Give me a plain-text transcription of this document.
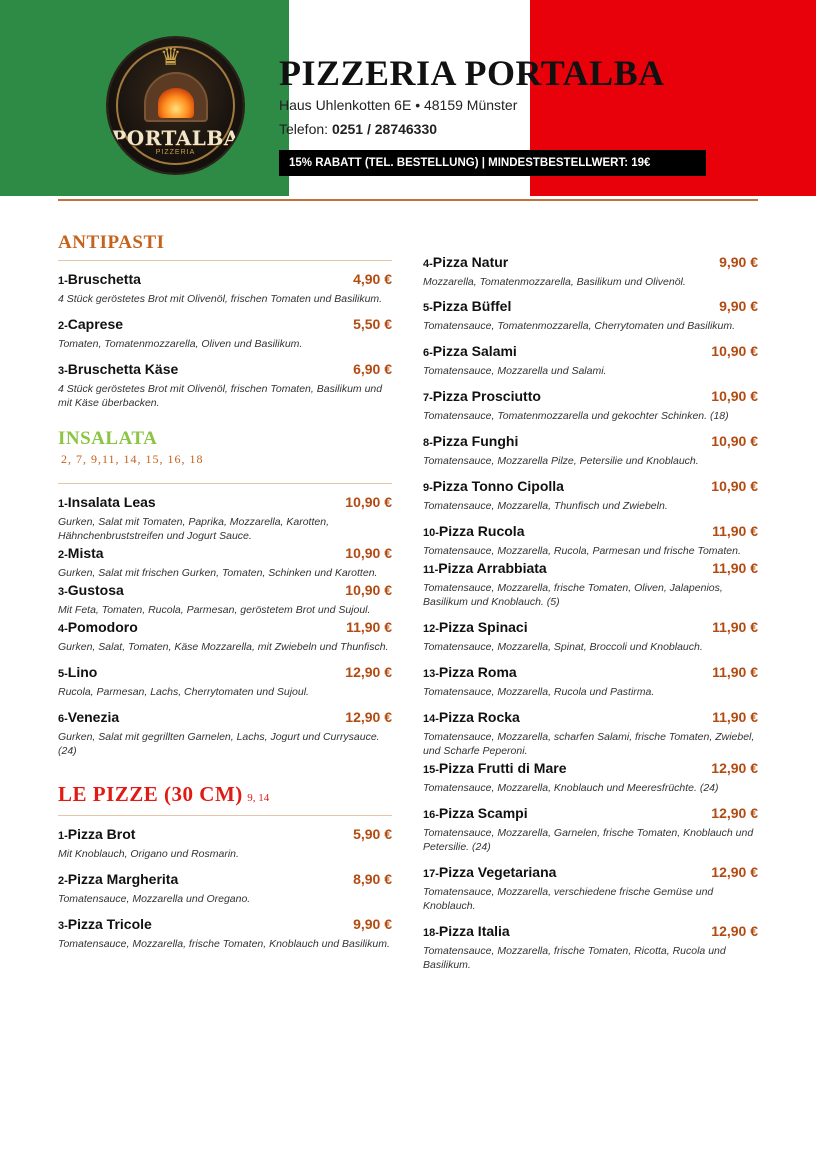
♛
PORTALBA
PIZZERIA
PIZZERIA PORTALBA
Haus Uhlenkotten 6E • 48159 Münster
Telefon: 0251 / 28746330
15% RABATT (TEL. BESTELLUNG) | MINDESTBESTELLWERT: 19€
ANTIPASTI
1-Bruschetta	4,90 €
4 Stück geröstetes Brot mit Olivenöl, frischen Tomaten und Basilikum.
2-Caprese	5,50 €
Tomaten, Tomatenmozzarella, Oliven und Basilikum.
3-Bruschetta Käse	6,90 €
4 Stück geröstetes Brot mit Olivenöl, frischen Tomaten, Basilikum und mit Käse überbacken.
INSALATA
2, 7, 9,11, 14, 15, 16, 18
1-Insalata Leas	10,90 €
Gurken, Salat mit Tomaten, Paprika, Mozzarella, Karotten, Hähnchenbruststreifen und Jogurt Sauce.
2-Mista	10,90 €
Gurken, Salat mit frischen Gurken, Tomaten, Schinken und Karotten.
3-Gustosa	10,90 €
Mit Feta, Tomaten, Rucola, Parmesan, geröstetem Brot und Sujoul.
4-Pomodoro	11,90 €
Gurken, Salat, Tomaten, Käse Mozzarella, mit Zwiebeln und Thunfisch.
5-Lino	12,90 €
Rucola, Parmesan, Lachs, Cherrytomaten und Sujoul.
6-Venezia	12,90 €
Gurken, Salat mit gegrillten Garnelen, Lachs, Jogurt und Currysauce. (24)
LE PIZZE (30 CM) 9, 14
1-Pizza Brot	5,90 €
Mit Knoblauch, Origano und Rosmarin.
2-Pizza Margherita	8,90 €
Tomatensauce, Mozzarella und Oregano.
3-Pizza Tricole	9,90 €
Tomatensauce, Mozzarella, frische Tomaten, Knoblauch und Basilikum.
4-Pizza Natur	9,90 €
Mozzarella, Tomatenmozzarella, Basilikum und Olivenöl.
5-Pizza Büffel	9,90 €
Tomatensauce, Tomatenmozzarella, Cherrytomaten und Basilikum.
6-Pizza Salami	10,90 €
Tomatensauce, Mozzarella und Salami.
7-Pizza Prosciutto	10,90 €
Tomatensauce, Tomatenmozzarella und gekochter Schinken. (18)
8-Pizza Funghi	10,90 €
Tomatensauce, Mozzarella Pilze, Petersilie und Knoblauch.
9-Pizza Tonno Cipolla	10,90 €
Tomatensauce, Mozzarella, Thunfisch und Zwiebeln.
10-Pizza Rucola	11,90 €
Tomatensauce, Mozzarella, Rucola, Parmesan und frische Tomaten.
11-Pizza Arrabbiata	11,90 €
Tomatensauce, Mozzarella, frische Tomaten, Oliven, Jalapenios, Basilikum und Knoblauch. (5)
12-Pizza Spinaci	11,90 €
Tomatensauce, Mozzarella, Spinat, Broccoli und Knoblauch.
13-Pizza Roma	11,90 €
Tomatensauce, Mozzarella, Rucola und Pastirma.
14-Pizza Rocka	11,90 €
Tomatensauce, Mozzarella, scharfen Salami, frische Tomaten, Zwiebel, und Scharfe Peperoni.
15-Pizza Frutti di Mare	12,90 €
Tomatensauce, Mozzarella, Knoblauch und Meeresfrüchte. (24)
16-Pizza Scampi	12,90 €
Tomatensauce, Mozzarella, Garnelen, frische Tomaten, Knoblauch und Petersilie. (24)
17-Pizza Vegetariana	12,90 €
Tomatensauce, Mozzarella, verschiedene frische Gemüse und Knoblauch.
18-Pizza Italia	12,90 €
Tomatensauce, Mozzarella, frische Tomaten, Ricotta, Rucola und Basilikum.
